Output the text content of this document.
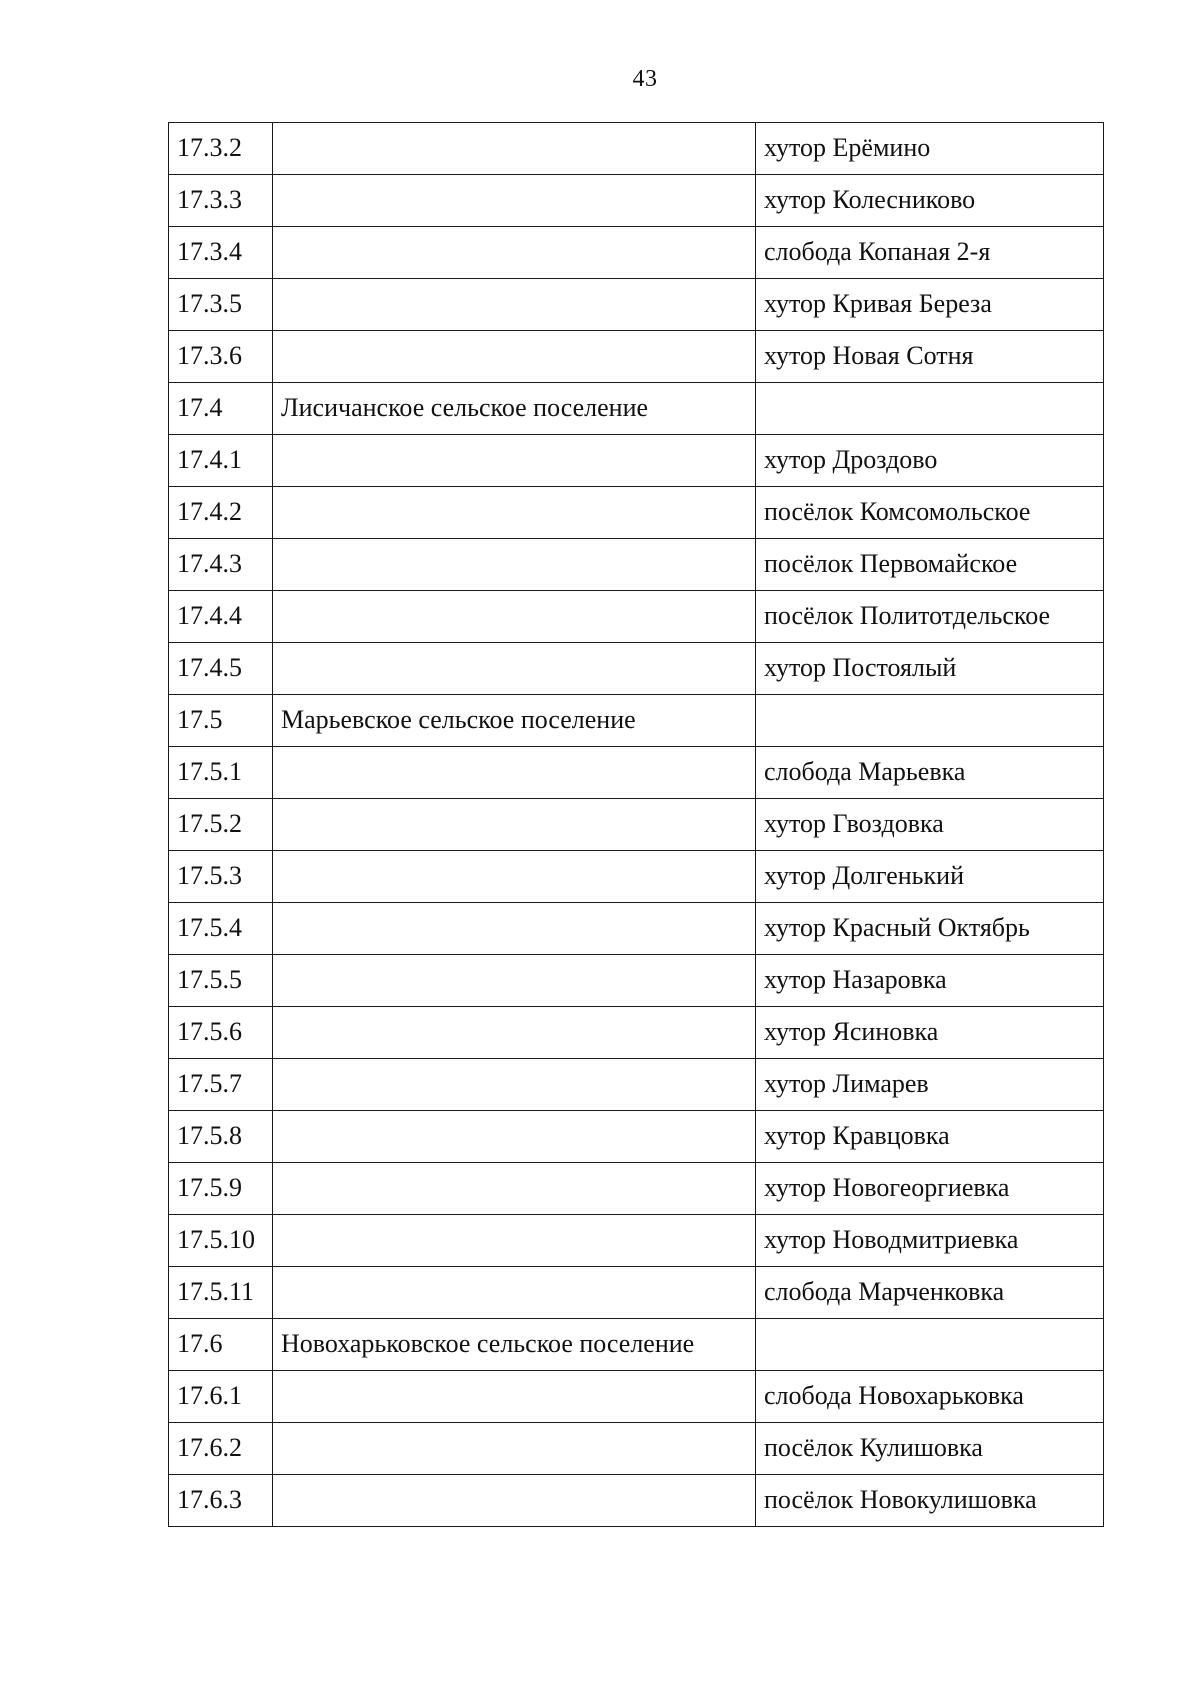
43
17.3.2		хутор Ерёмино
17.3.3		хутор Колесниково
17.3.4		слобода Копаная 2-я
17.3.5		хутор Кривая Береза
17.3.6		хутор Новая Сотня
17.4	Лисичанское сельское поселение	
17.4.1		хутор Дроздово
17.4.2		посёлок Комсомольское
17.4.3		посёлок Первомайское
17.4.4		посёлок Политотдельское
17.4.5		хутор Постоялый
17.5	Марьевское сельское поселение	
17.5.1		слобода Марьевка
17.5.2		хутор Гвоздовка
17.5.3		хутор Долгенький
17.5.4		хутор Красный Октябрь
17.5.5		хутор Назаровка
17.5.6		хутор Ясиновка
17.5.7		хутор Лимарев
17.5.8		хутор Кравцовка
17.5.9		хутор Новогеоргиевка
17.5.10		хутор Новодмитриевка
17.5.11		слобода Марченковка
17.6	Новохарьковское сельское поселение	
17.6.1		слобода Новохарьковка
17.6.2		посёлок Кулишовка
17.6.3		посёлок Новокулишовка
